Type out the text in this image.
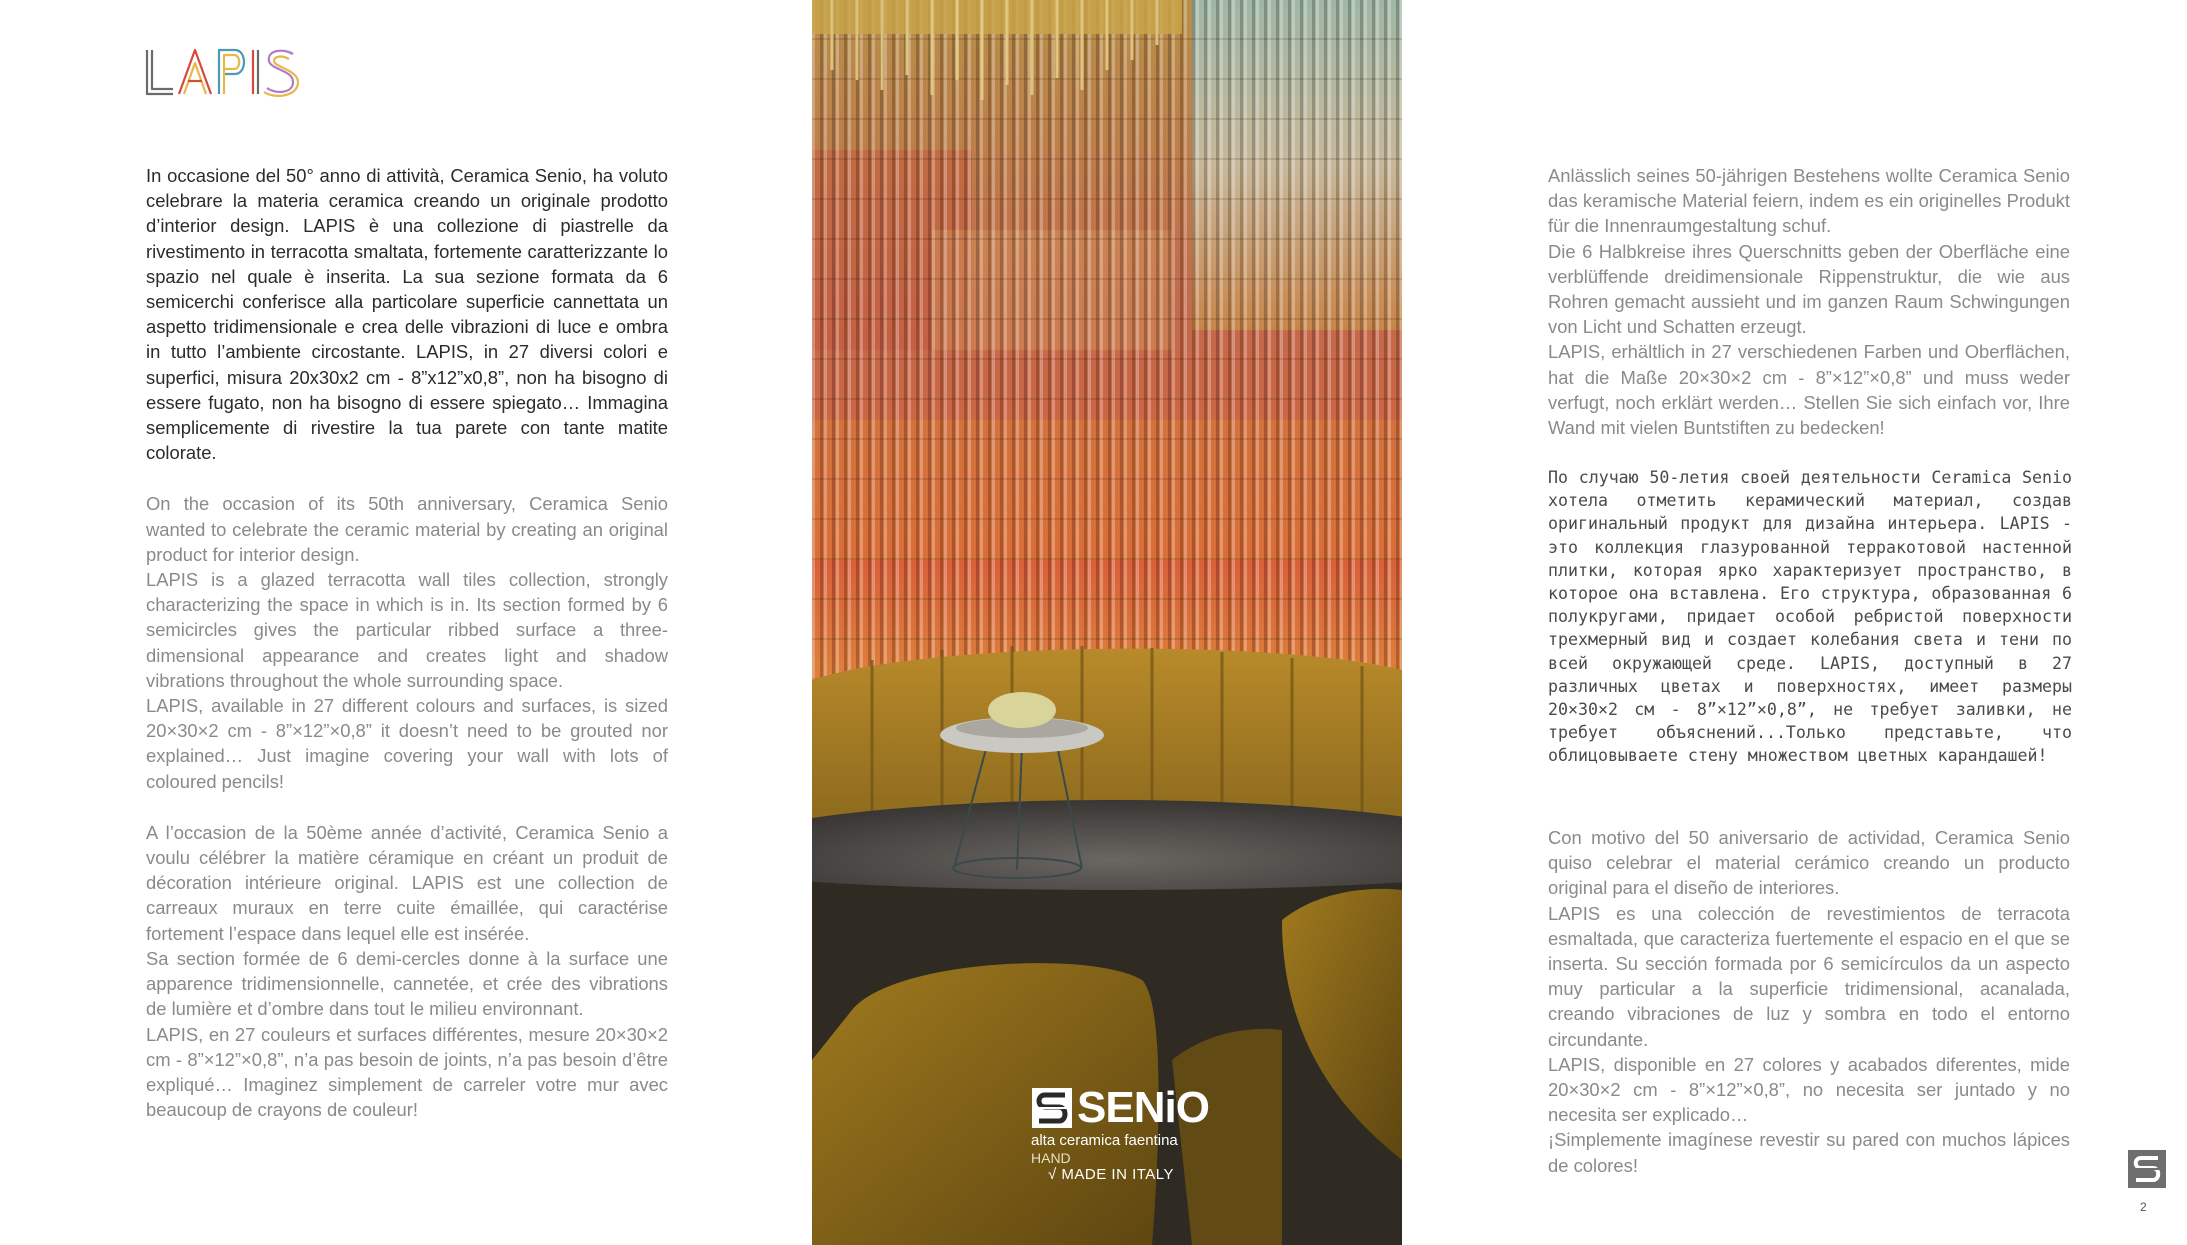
In occasione del 50° anno di attività, Ceramica Senio, ha voluto celebrare la materia ceramica creando un originale prodotto d’interior design. LAPIS è una collezione di piastrelle da rivestimento in terracotta smaltata, fortemente caratterizzante lo spazio nel quale è inserita. La sua sezione formata da 6 semicerchi conferisce alla particolare superficie cannettata un aspetto tridimensionale e crea delle vibrazioni di luce e ombra in tutto l’ambiente circostante. LAPIS, in 27 diversi colori e superfici, misura 20x30x2 cm - 8”x12”x0,8”, non ha bisogno di essere fugato, non ha bisogno di essere spiegato… Immagina semplicemente di rivestire la tua parete con tante matite colorate.

On the occasion of its 50th anniversary, Ceramica Senio wanted to celebrate the ceramic material by creating an original product for interior design.

LAPIS is a glazed terracotta wall tiles collection, strongly characterizing the space in which is in. Its section formed by 6 semicircles gives the particular ribbed surface a three-dimensional appearance and creates light and shadow vibrations throughout the whole surrounding space.

LAPIS, available in 27 different colours and surfaces, is sized 20×30×2 cm - 8”×12”×0,8” it doesn’t need to be grouted nor explained… Just imagine covering your wall with lots of coloured pencils!

A l’occasion de la 50ème année d’activité, Ceramica Senio a voulu célébrer la matière céramique en créant un produit de décoration intérieure original. LAPIS est une collection de carreaux muraux en terre cuite émaillée, qui caractérise fortement l’espace dans lequel elle est insérée.

Sa section formée de 6 demi-cercles donne à la surface une apparence tridimensionnelle, cannetée, et crée des vibrations de lumière et d’ombre dans tout le milieu environnant.

LAPIS, en 27 couleurs et surfaces différentes, mesure 20×30×2 cm - 8”×12”×0,8”, n’a pas besoin de joints, n’a pas besoin d’être expliqué… Imaginez simplement de carreler votre mur avec beaucoup de crayons de couleur!	SENiO
alta ceramica faentina
HAND
√ MADE IN ITALY

Anlässlich seines 50-jährigen Bestehens wollte Ceramica Senio das keramische Material feiern, indem es ein originelles Produkt für die Innenraumgestaltung schuf.

Die 6 Halbkreise ihres Querschnitts geben der Oberfläche eine verblüffende dreidimensionale Rippenstruktur, die wie aus Rohren gemacht aussieht und im ganzen Raum Schwingungen von Licht und Schatten erzeugt.

LAPIS, erhältlich in 27 verschiedenen Farben und Oberflächen, hat die Maße 20×30×2 cm - 8”×12”×0,8” und muss weder verfugt, noch erklärt werden… Stellen Sie sich einfach vor, Ihre Wand mit vielen Buntstiften zu bedecken!

По случаю 50-летия своей деятельности Ceramica Senio хотела отметить керамический материал, создав оригинальный продукт для дизайна интерьера. LAPIS - это коллекция глазурованной терракотовой настенной плитки, которая ярко характеризует пространство, в которое она вставлена. Его структура, образованная 6 полукругами, придает особой ребристой поверхности трехмерный вид и создает колебания света и тени по всей окружающей среде. LAPIS, доступный в 27 различных цветах и поверхностях, имеет размеры 20×30×2 см - 8”×12”×0,8”, не требует заливки, не требует объяснений...Только представьте, что облицовываете стену множеством цветных карандашей!

Con motivo del 50 aniversario de actividad, Ceramica Senio quiso celebrar el material cerámico creando un producto original para el diseño de interiores.

LAPIS es una colección de revestimientos de terracota esmaltada, que caracteriza fuertemente el espacio en el que se inserta. Su sección formada por 6 semicírculos da un aspecto muy particular a la superficie tridimensional, acanalada, creando vibraciones de luz y sombra en todo el entorno circundante.

LAPIS, disponible en 27 colores y acabados diferentes, mide 20×30×2 cm - 8”×12”×0,8”, no necesita ser juntado y no necesita ser explicado…

¡Simplemente imagínese revestir su pared con muchos lápices de colores!

2
